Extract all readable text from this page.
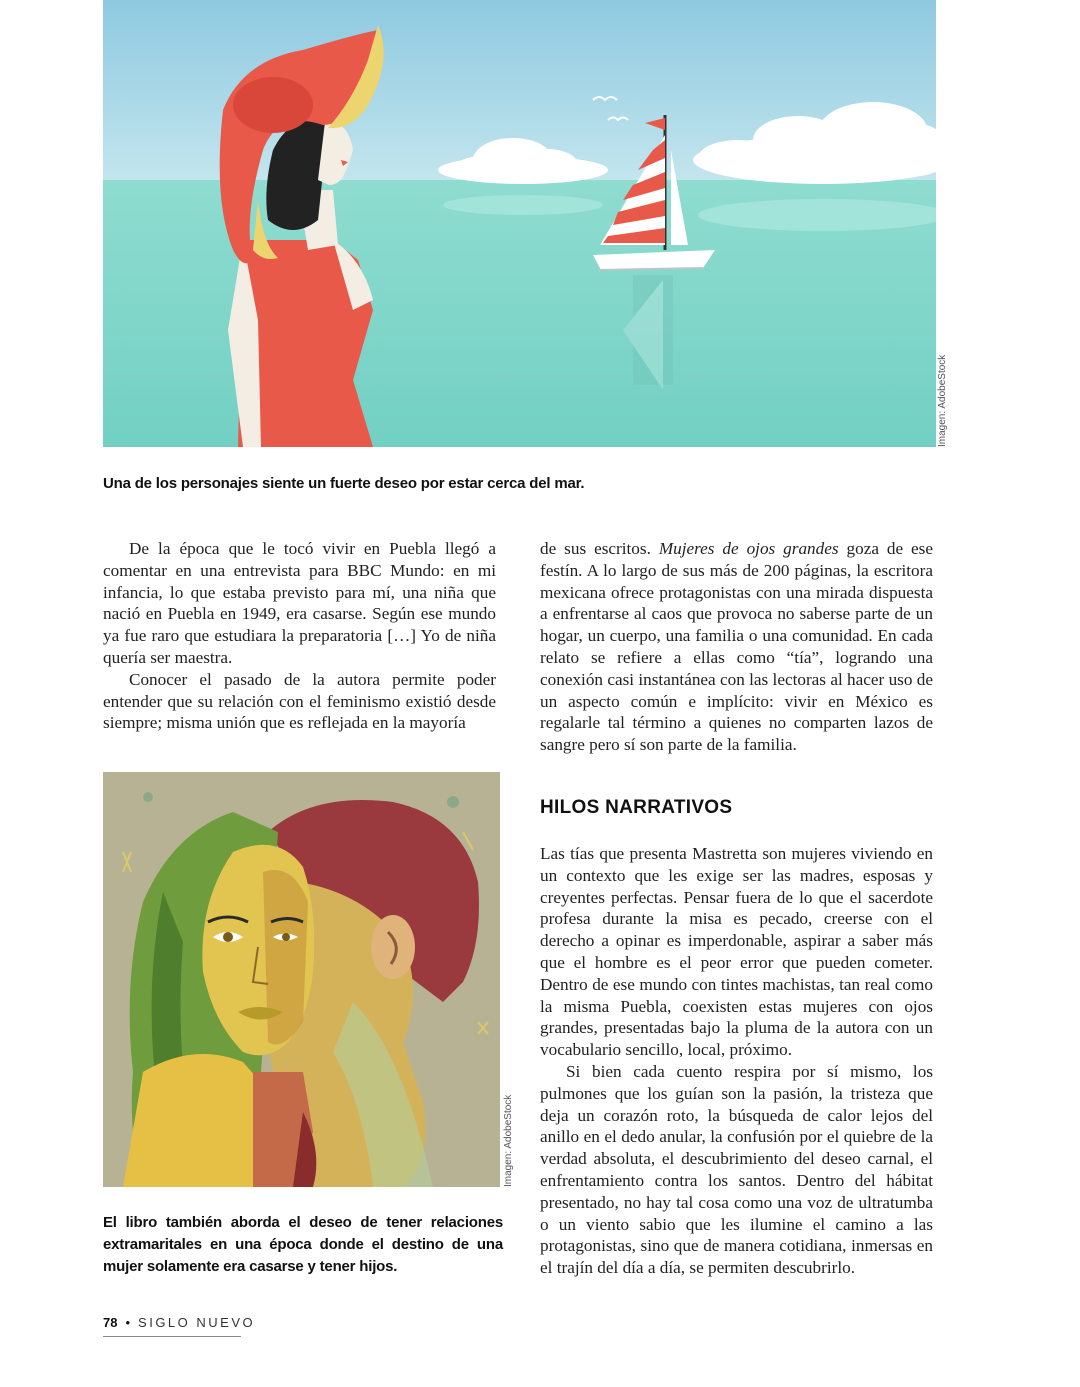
Imagen: AdobeStock
Una de los personajes siente un fuerte deseo por estar cerca del mar.

De la época que le tocó vivir en Puebla llegó a comentar en una entrevista para BBC Mundo: en mi infancia, lo que estaba previsto para mí, una niña que nació en Puebla en 1949, era casarse. Según ese mundo ya fue raro que estudiara la preparatoria […] Yo de niña quería ser maestra.

Conocer el pasado de la autora permite poder entender que su relación con el feminismo existió desde siempre; misma unión que es reflejada en la mayoría

de sus escritos. Mujeres de ojos grandes goza de ese festín. A lo largo de sus más de 200 páginas, la escritora mexicana ofrece protagonistas con una mirada dispuesta a enfrentarse al caos que provoca no saberse parte de un hogar, un cuerpo, una familia o una comunidad. En cada relato se refiere a ellas como “tía”, logrando una conexión casi instantánea con las lectoras al hacer uso de un aspecto común e implícito: vivir en México es regalarle tal término a quienes no comparten lazos de sangre pero sí son parte de la familia.

Imagen: AdobeStock
El libro también aborda el deseo de tener relaciones extramaritales en una época donde el destino de una mujer solamente era casarse y tener hijos.
HILOS NARRATIVOS

Las tías que presenta Mastretta son mujeres viviendo en un contexto que les exige ser las madres, esposas y creyentes perfectas. Pensar fuera de lo que el sacerdote profesa durante la misa es pecado, creerse con el derecho a opinar es imperdonable, aspirar a saber más que el hombre es el peor error que pueden cometer. Dentro de ese mundo con tintes machistas, tan real como la misma Puebla, coexisten estas mujeres con ojos grandes, presentadas bajo la pluma de la autora con un vocabulario sencillo, local, próximo.

Si bien cada cuento respira por sí mismo, los pulmones que los guían son la pasión, la tristeza que deja un corazón roto, la búsqueda de calor lejos del anillo en el dedo anular, la confusión por el quiebre de la verdad absoluta, el descubrimiento del deseo carnal, el enfrentamiento contra los santos. Dentro del hábitat presentado, no hay tal cosa como una voz de ultratumba o un viento sabio que les ilumine el camino a las protagonistas, sino que de manera cotidiana, inmersas en el trajín del día a día, se permiten descubrirlo.

78 • SIGLO NUEVO
